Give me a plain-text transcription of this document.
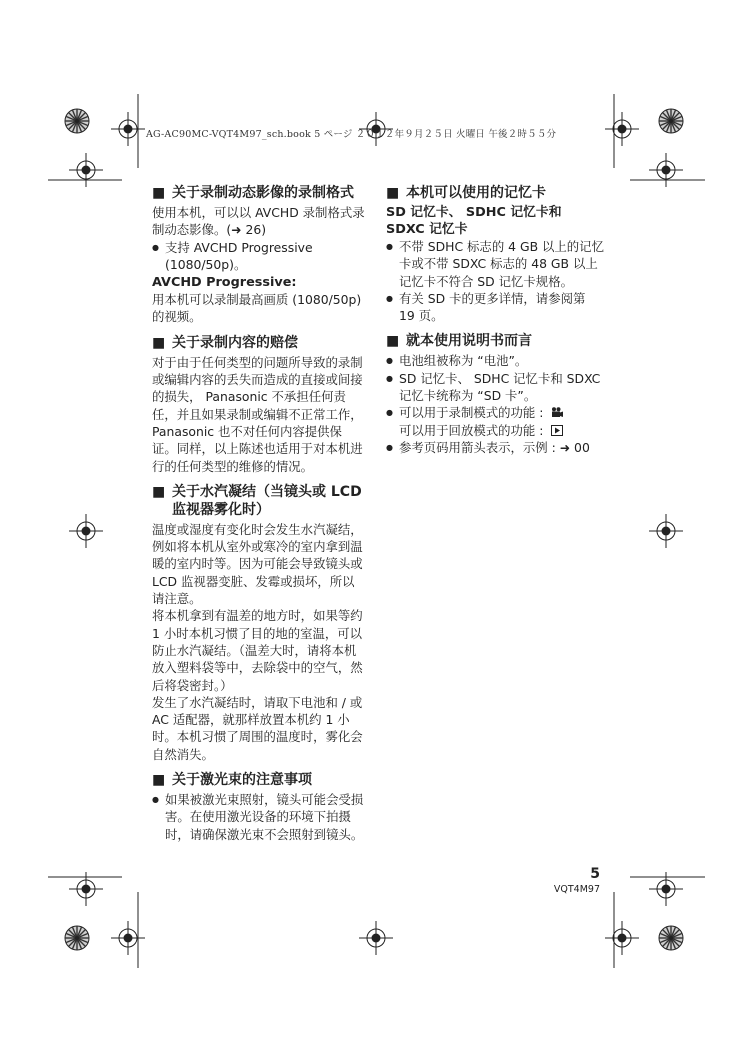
AG-AC90MC-VQT4M97_sch.book 5 ページ ２０１２年９月２５日 火曜日 午後２時５５分
■ 关于录制动态影像的录制格式

使用本机，可以以 AVCHD 录制格式录制动态影像。(➜ 26)

● 支持 AVCHD Progressive (1080/50p)。
AVCHD Progressive:

用本机可以录制最高画质 (1080/50p) 的视频。

■ 关于录制内容的赔偿

对于由于任何类型的问题所导致的录制或编辑内容的丢失而造成的直接或间接的损失， Panasonic 不承担任何责任，并且如果录制或编辑不正常工作， Panasonic 也不对任何内容提供保证。同样，以上陈述也适用于对本机进行的任何类型的维修的情况。

■ 关于水汽凝结（当镜头或 LCD 监视器雾化时）

温度或湿度有变化时会发生水汽凝结，例如将本机从室外或寒冷的室内拿到温暖的室内时等。因为可能会导致镜头或 LCD 监视器变脏、发霉或损坏，所以请注意。

将本机拿到有温差的地方时，如果等约 1 小时本机习惯了目的地的室温，可以防止水汽凝结。（温差大时，请将本机放入塑料袋等中，去除袋中的空气，然后将袋密封。）

发生了水汽凝结时，请取下电池和 / 或 AC 适配器，就那样放置本机约 1 小时。本机习惯了周围的温度时，雾化会自然消失。

■ 关于激光束的注意事项
● 如果被激光束照射，镜头可能会受损害。在使用激光设备的环境下拍摄时，请确保激光束不会照射到镜头。
■ 本机可以使用的记忆卡
SD 记忆卡、 SDHC 记忆卡和 SDXC 记忆卡
● 不带 SDHC 标志的 4 GB 以上的记忆卡或不带 SDXC 标志的 48 GB 以上记忆卡不符合 SD 记忆卡规格。
● 有关 SD 卡的更多详情，请参阅第 19 页。
■ 就本使用说明书而言
● 电池组被称为 “电池”。
● SD 记忆卡、 SDHC 记忆卡和 SDXC 记忆卡统称为 “SD 卡”。
● 可以用于录制模式的功能 :

可以用于回放模式的功能 :
● 参考页码用箭头表示，示例 : ➜ 00
5
VQT4M97
